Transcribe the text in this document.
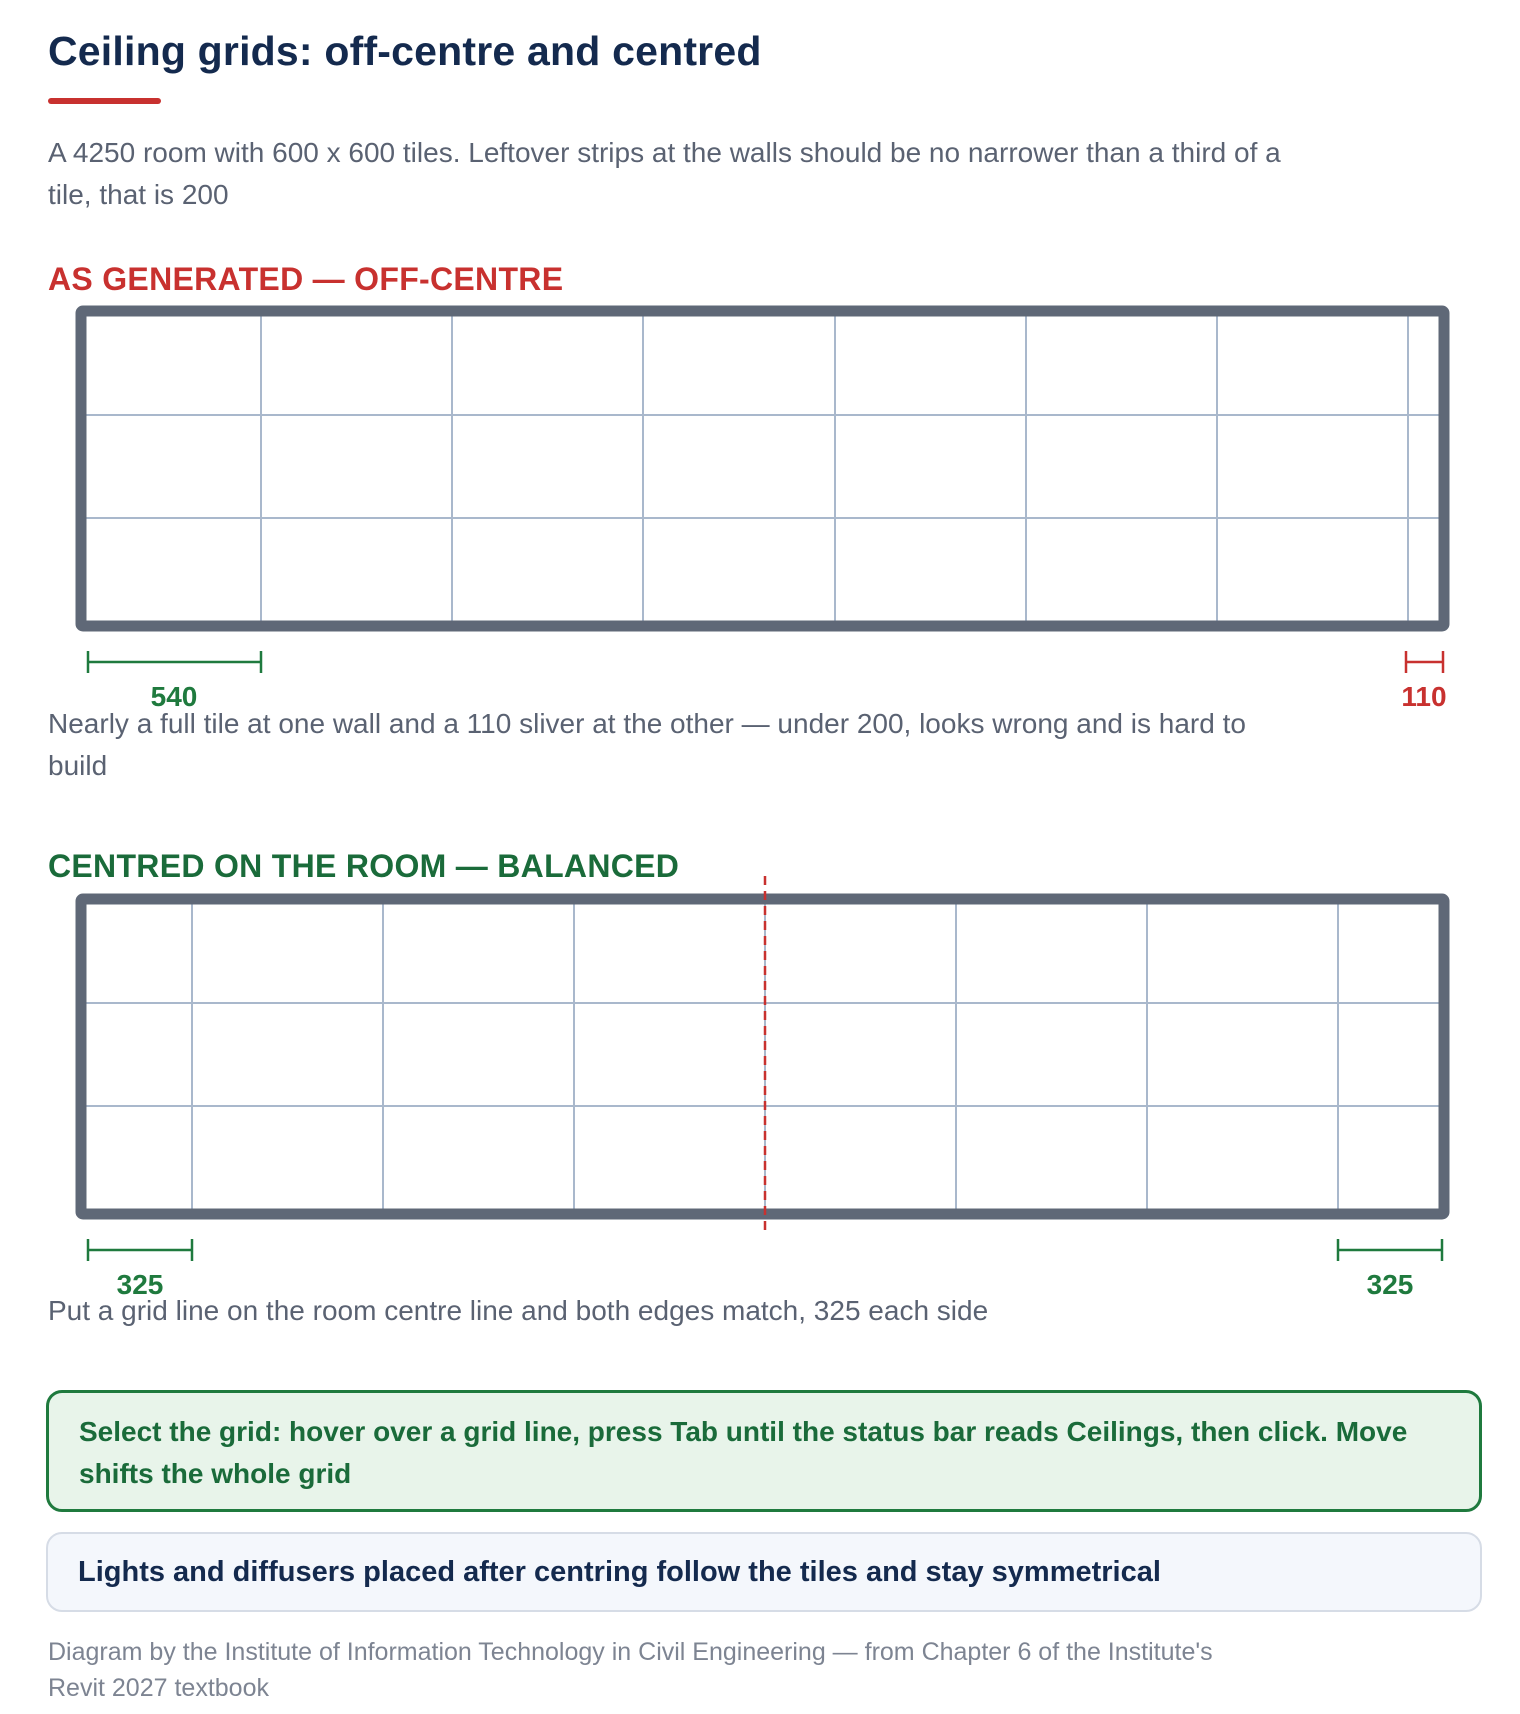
Ceiling grids: off-centre and centred
A 4250 room with 600 x 600 tiles. Leftover strips at the walls should be no narrower than a third of a tile, that is 200
AS GENERATED — OFF-CENTRE
540	110
Nearly a full tile at one wall and a 110 sliver at the other — under 200, looks wrong and is hard to build
CENTRED ON THE ROOM — BALANCED
325	325
Put a grid line on the room centre line and both edges match, 325 each side
Select the grid: hover over a grid line, press Tab until the status bar reads Ceilings, then click. Move shifts the whole grid
Lights and diffusers placed after centring follow the tiles and stay symmetrical
Diagram by the Institute of Information Technology in Civil Engineering — from Chapter 6 of the Institute's Revit 2027 textbook
